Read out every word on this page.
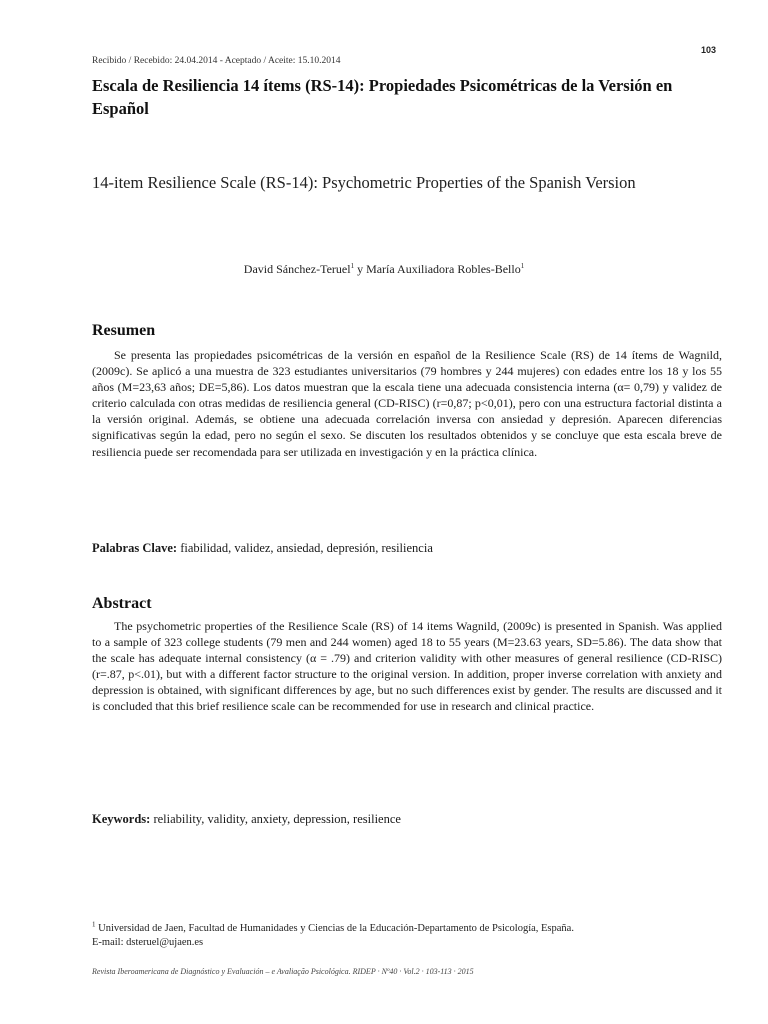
103
Recibido / Recebido: 24.04.2014 - Aceptado / Aceite: 15.10.2014
Escala de Resiliencia 14 ítems (RS-14): Propiedades Psicométricas de la Versión en Español
14-item Resilience Scale (RS-14): Psychometric Properties of the Spanish Version
David Sánchez-Teruel$^1$ y María Auxiliadora Robles-Bello$^1$
Resumen

Se presenta las propiedades psicométricas de la versión en español de la Resilience Scale (RS) de 14 ítems de Wagnild, (2009c). Se aplicó a una muestra de 323 estudiantes universitarios (79 hombres y 244 mujeres) con edades entre los 18 y los 55 años (M=23,63 años; DE=5,86). Los datos muestran que la escala tiene una adecuada consistencia interna (α= 0,79) y validez de criterio calculada con otras medidas de resiliencia general (CD-RISC) (r=0,87; p<0,01), pero con una estructura factorial distinta a la versión original. Además, se obtiene una adecuada correlación inversa con ansiedad y depresión. Aparecen diferencias significativas según la edad, pero no según el sexo. Se discuten los resultados obtenidos y se concluye que esta escala breve de resiliencia puede ser recomendada para ser utilizada en investigación y en la práctica clínica.

Palabras Clave: fiabilidad, validez, ansiedad, depresión, resiliencia
Abstract

The psychometric properties of the Resilience Scale (RS) of 14 items Wagnild, (2009c) is presented in Spanish. Was applied to a sample of 323 college students (79 men and 244 women) aged 18 to 55 years (M=23.63 years, SD=5.86). The data show that the scale has adequate internal consistency (α = .79) and criterion validity with other measures of general resilience (CD-RISC) (r=.87, p<.01), but with a different factor structure to the original version. In addition, proper inverse correlation with anxiety and depression is obtained, with significant differences by age, but no such differences exist by gender. The results are discussed and it is concluded that this brief resilience scale can be recommended for use in research and clinical practice.

Keywords: reliability, validity, anxiety, depression, resilience
$^1$ Universidad de Jaen, Facultad de Humanidades y Ciencias de la Educación-Departamento de Psicología, España.
E-mail: dsteruel@ujaen.es
Revista Iberoamericana de Diagnóstico y Evaluación – e Avaliação Psicológica. RIDEP · Nº40 · Vol.2 · 103-113 · 2015
